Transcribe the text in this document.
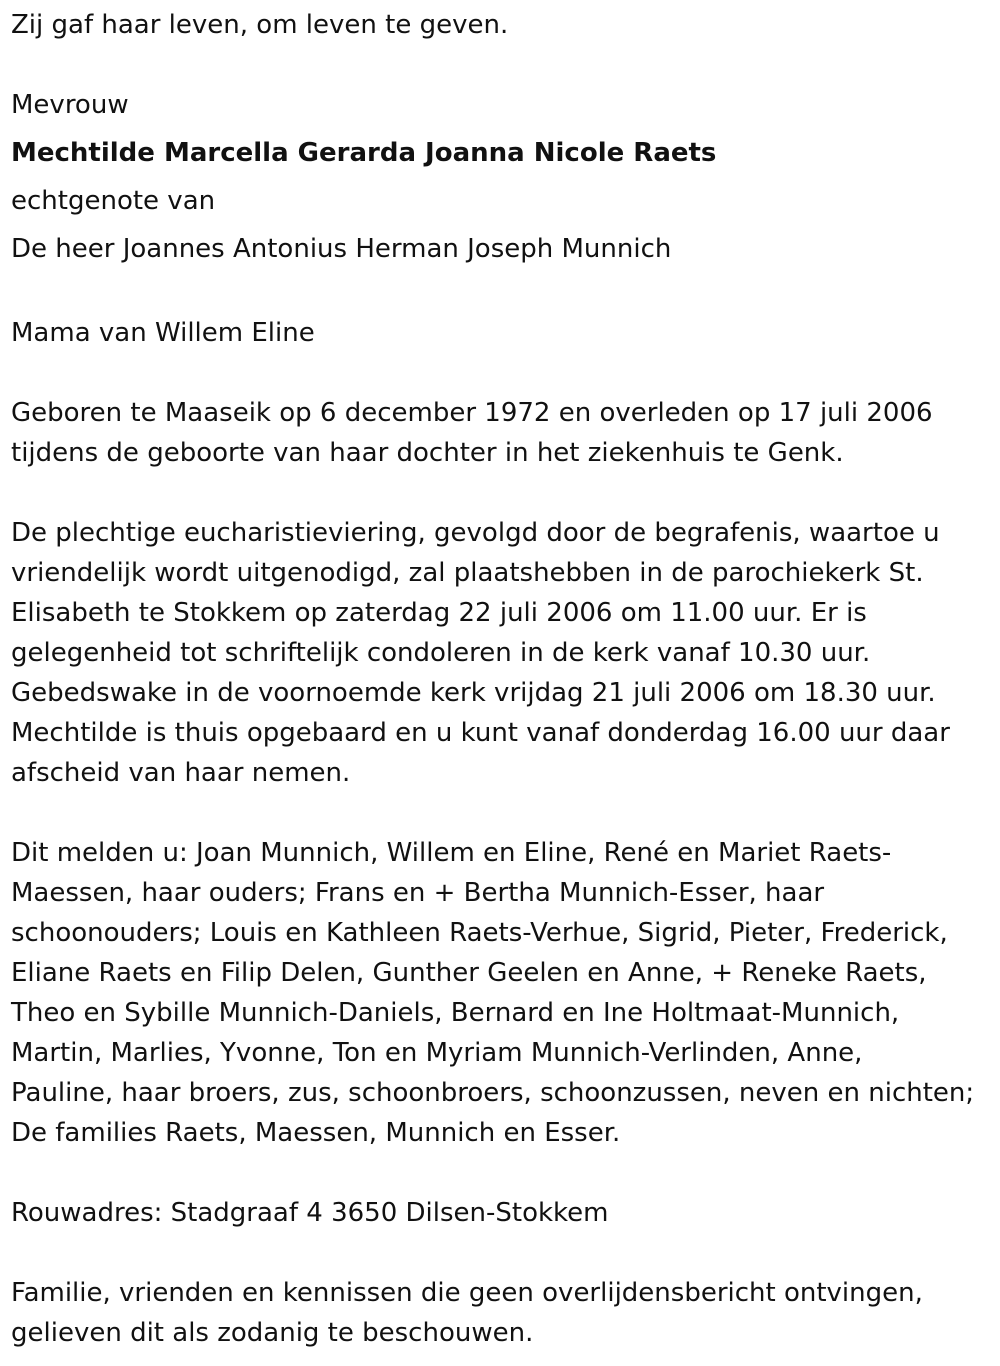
Zij gaf haar leven, om leven te geven.
Mevrouw
Mechtilde Marcella Gerarda Joanna Nicole Raets
echtgenote van
De heer Joannes Antonius Herman Joseph Munnich
Mama van Willem Eline
Geboren te Maaseik op 6 december 1972 en overleden op 17 juli 2006
tijdens de geboorte van haar dochter in het ziekenhuis te Genk.
De plechtige eucharistieviering, gevolgd door de begrafenis, waartoe u
vriendelijk wordt uitgenodigd, zal plaatshebben in de parochiekerk St.
Elisabeth te Stokkem op zaterdag 22 juli 2006 om 11.00 uur. Er is
gelegenheid tot schriftelijk condoleren in de kerk vanaf 10.30 uur.
Gebedswake in de voornoemde kerk vrijdag 21 juli 2006 om 18.30 uur.
Mechtilde is thuis opgebaard en u kunt vanaf donderdag 16.00 uur daar
afscheid van haar nemen.
Dit melden u: Joan Munnich, Willem en Eline, René en Mariet Raets-
Maessen, haar ouders; Frans en + Bertha Munnich-Esser, haar
schoonouders; Louis en Kathleen Raets-Verhue, Sigrid, Pieter, Frederick,
Eliane Raets en Filip Delen, Gunther Geelen en Anne, + Reneke Raets,
Theo en Sybille Munnich-Daniels, Bernard en Ine Holtmaat-Munnich,
Martin, Marlies, Yvonne, Ton en Myriam Munnich-Verlinden, Anne,
Pauline, haar broers, zus, schoonbroers, schoonzussen, neven en nichten;
De families Raets, Maessen, Munnich en Esser.
Rouwadres: Stadgraaf 4 3650 Dilsen-Stokkem
Familie, vrienden en kennissen die geen overlijdensbericht ontvingen,
gelieven dit als zodanig te beschouwen.
